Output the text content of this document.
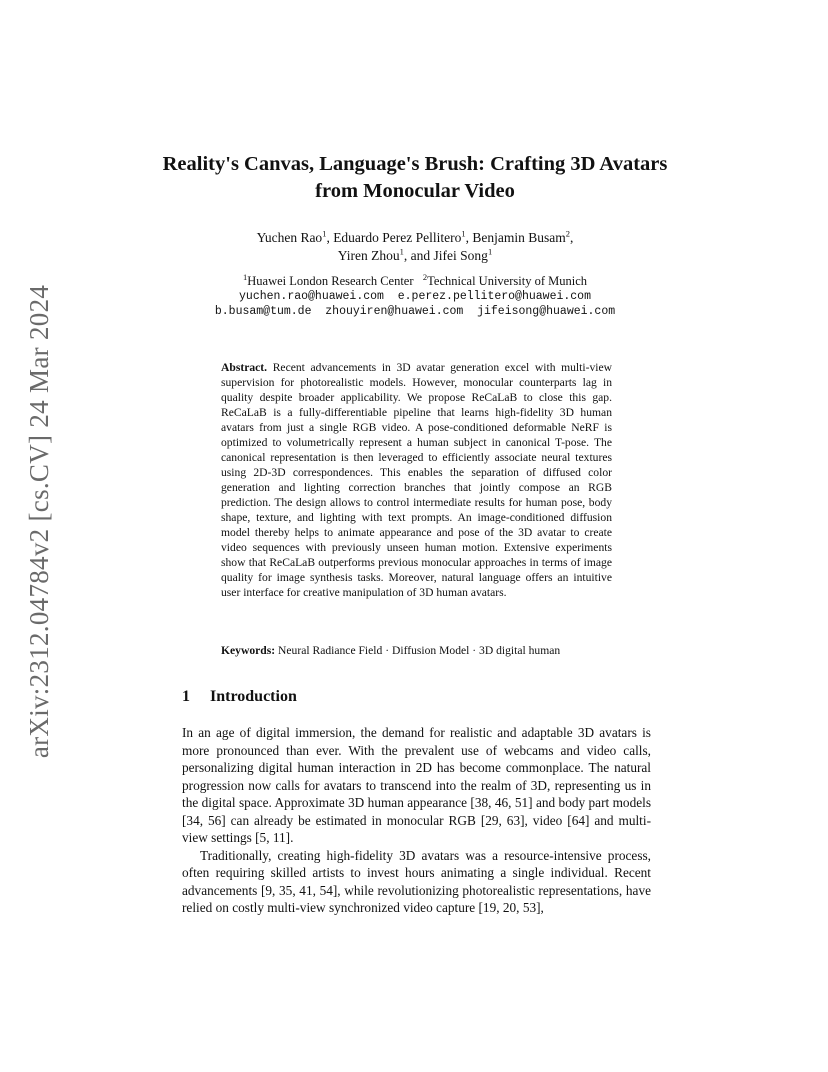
arXiv:2312.04784v2 [cs.CV] 24 Mar 2024
Reality's Canvas, Language's Brush: Crafting 3D Avatars from Monocular Video
Yuchen Rao$^1$, Eduardo Perez Pellitero$^1$, Benjamin Busam$^2$,
Yiren Zhou$^1$, and Jifei Song$^1$
$^1$Huawei London Research Center $^2$Technical University of Munich
yuchen.rao@huawei.com  e.perez.pellitero@huawei.com
b.busam@tum.de  zhouyiren@huawei.com  jifeisong@huawei.com
Abstract. Recent advancements in 3D avatar generation excel with multi-view supervision for photorealistic models. However, monocular counterparts lag in quality despite broader applicability. We propose ReCaLaB to close this gap. ReCaLaB is a fully-differentiable pipeline that learns high-fidelity 3D human avatars from just a single RGB video. A pose-conditioned deformable NeRF is optimized to volumetrically represent a human subject in canonical T-pose. The canonical representation is then leveraged to efficiently associate neural textures using 2D-3D correspondences. This enables the separation of diffused color generation and lighting correction branches that jointly compose an RGB prediction. The design allows to control intermediate results for human pose, body shape, texture, and lighting with text prompts. An image-conditioned diffusion model thereby helps to animate appearance and pose of the 3D avatar to create video sequences with previously unseen human motion. Extensive experiments show that ReCaLaB outperforms previous monocular approaches in terms of image quality for image synthesis tasks. Moreover, natural language offers an intuitive user interface for creative manipulation of 3D human avatars.
Keywords: Neural Radiance Field · Diffusion Model · 3D digital human
1 Introduction

In an age of digital immersion, the demand for realistic and adaptable 3D avatars is more pronounced than ever. With the prevalent use of webcams and video calls, personalizing digital human interaction in 2D has become commonplace. The natural progression now calls for avatars to transcend into the realm of 3D, representing us in the digital space. Approximate 3D human appearance [38, 46, 51] and body part models [34, 56] can already be estimated in monocular RGB [29, 63], video [64] and multi-view settings [5, 11].

Traditionally, creating high-fidelity 3D avatars was a resource-intensive process, often requiring skilled artists to invest hours animating a single individual. Recent advancements [9, 35, 41, 54], while revolutionizing photorealistic representations, have relied on costly multi-view synchronized video capture [19, 20, 53],
